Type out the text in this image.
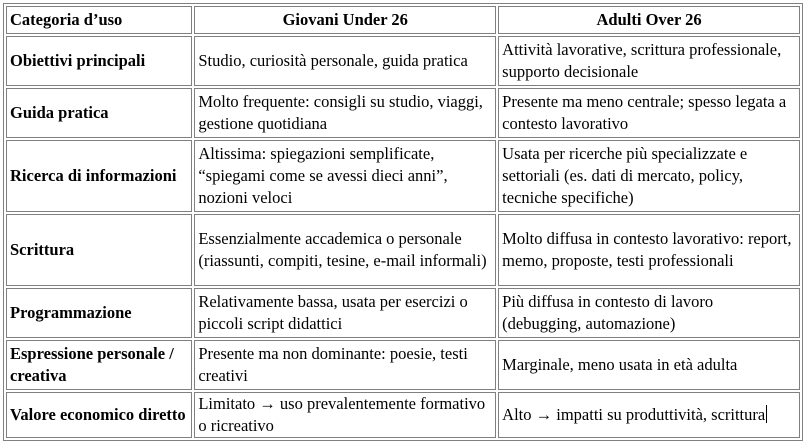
Categoria d’uso	Giovani Under 26	Adulti Over 26
Obiettivi principali	Studio, curiosità personale, guida pratica	Attività lavorative, scrittura professionale, supporto decisionale
Guida pratica	Molto frequente: consigli su studio, viaggi, gestione quotidiana	Presente ma meno centrale; spesso legata a contesto lavorativo
Ricerca di informazioni	Altissima: spiegazioni semplificate, “spiegami come se avessi dieci anni”, nozioni veloci	Usata per ricerche più specializzate e settoriali (es. dati di mercato, policy, tecniche specifiche)
Scrittura	Essenzialmente accademica o personale (riassunti, compiti, tesine, e-mail informali)	Molto diffusa in contesto lavorativo: report, memo, proposte, testi professionali
Programmazione	Relativamente bassa, usata per esercizi o piccoli script didattici	Più diffusa in contesto di lavoro (debugging, automazione)
Espressione personale / creativa	Presente ma non dominante: poesie, testi creativi	Marginale, meno usata in età adulta
Valore economico diretto	Limitato → uso prevalentemente formativo o ricreativo	Alto → impatti su produttività, scrittura
